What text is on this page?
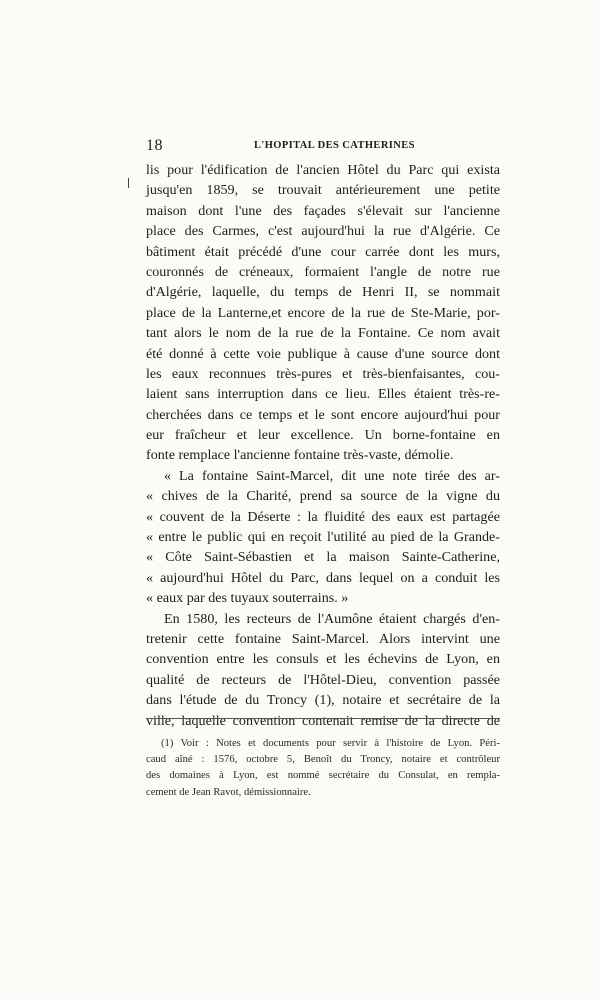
18	L'HOPITAL DES CATHERINES
lis pour l'édification de l'ancien Hôtel du Parc qui exista
jusqu'en 1859, se trouvait antérieurement une petite
maison dont l'une des façades s'élevait sur l'ancienne
place des Carmes, c'est aujourd'hui la rue d'Algérie. Ce
bâtiment était précédé d'une cour carrée dont les murs,
couronnés de créneaux, formaient l'angle de notre rue
d'Algérie, laquelle, du temps de Henri II, se nommait
place de la Lanterne,et encore de la rue de Ste-Marie, por-
tant alors le nom de la rue de la Fontaine. Ce nom avait
été donné à cette voie publique à cause d'une source dont
les eaux reconnues très-pures et très-bienfaisantes, cou-
laient sans interruption dans ce lieu. Elles étaient très-re-
cherchées dans ce temps et le sont encore aujourd'hui pour
eur fraîcheur et leur excellence. Un borne-fontaine en
fonte remplace l'ancienne fontaine très-vaste, démolie.
« La fontaine Saint-Marcel, dit une note tirée des ar-
« chives de la Charité, prend sa source de la vigne du
« couvent de la Déserte : la fluidité des eaux est partagée
« entre le public qui en reçoit l'utilité au pied de la Grande-
« Côte Saint-Sébastien et la maison Sainte-Catherine,
« aujourd'hui Hôtel du Parc, dans lequel on a conduit les
« eaux par des tuyaux souterrains. »
En 1580, les recteurs de l'Aumône étaient chargés d'en-
tretenir cette fontaine Saint-Marcel. Alors intervint une
convention entre les consuls et les échevins de Lyon, en
qualité de recteurs de l'Hôtel-Dieu, convention passée
dans l'étude de du Troncy (1), notaire et secrétaire de la
ville, laquelle convention contenait remise de la directe de
(1) Voir : Notes et documents pour servir à l'histoire de Lyon. Péri-
caud aîné : 1576, octobre 5, Benoît du Troncy, notaire et contrôleur
des domaines à Lyon, est nommé secrétaire du Consulat, en rempla-
cement de Jean Ravot, démissionnaire.
